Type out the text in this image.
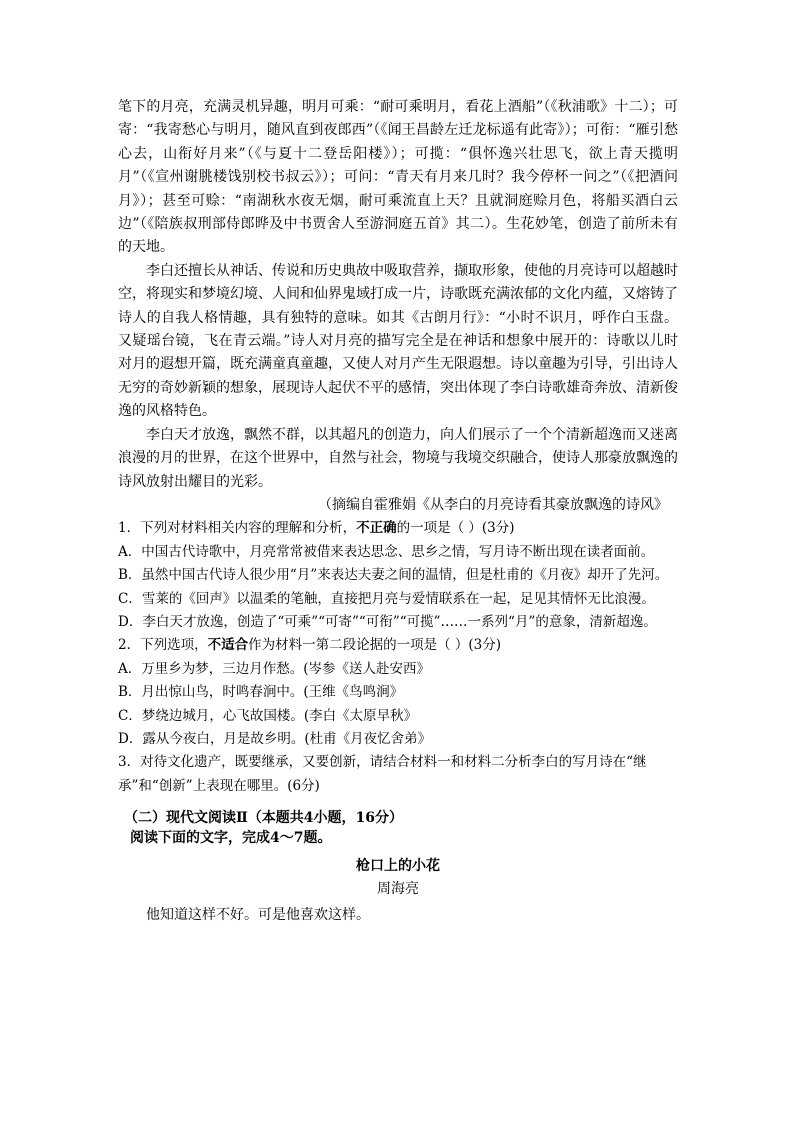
笔下的月亮，充满灵机异趣，明月可乘：“耐可乘明月，看花上酒船”（《秋浦歌》十二）；可寄：“我寄愁心与明月，随风直到夜郎西”（《闻王昌龄左迁龙标遥有此寄》）；可衔：“雁引愁心去，山衔好月来”（《与夏十二登岳阳楼》）；可揽：“俱怀逸兴壮思飞，欲上青天揽明月”（《宣州谢朓楼饯别校书叔云》）；可问：“青天有月来几时？我今停杯一问之”（《把酒问月》）；甚至可赊：“南湖秋水夜无烟，耐可乘流直上天？且就洞庭赊月色，将船买酒白云边”（《陪族叔刑部侍郎晔及中书贾舍人至游洞庭五首》其二）。生花妙笔，创造了前所未有的天地。

李白还擅长从神话、传说和历史典故中吸取营养，撷取形象，使他的月亮诗可以超越时空，将现实和梦境幻境、人间和仙界鬼域打成一片，诗歌既充满浓郁的文化内蕴，又熔铸了诗人的自我人格情趣，具有独特的意味。如其《古朗月行》：“小时不识月，呼作白玉盘。又疑瑶台镜，飞在青云端。”诗人对月亮的描写完全是在神话和想象中展开的：诗歌以儿时对月的遐想开篇，既充满童真童趣，又使人对月产生无限遐想。诗以童趣为引导，引出诗人无穷的奇妙新颖的想象，展现诗人起伏不平的感情，突出体现了李白诗歌雄奇奔放、清新俊逸的风格特色。

李白天才放逸，飘然不群，以其超凡的创造力，向人们展示了一个个清新超逸而又迷离浪漫的月的世界，在这个世界中，自然与社会，物境与我境交织融合，使诗人那豪放飘逸的诗风放射出耀目的光彩。

（摘编自霍雅娟《从李白的月亮诗看其豪放飘逸的诗风》

1．下列对材料相关内容的理解和分析，不正确的一项是（ ）(3分)

A．中国古代诗歌中，月亮常常被借来表达思念、思乡之情，写月诗不断出现在读者面前。

B．虽然中国古代诗人很少用“月”来表达夫妻之间的温情，但是杜甫的《月夜》却开了先河。

C．雪莱的《回声》以温柔的笔触，直接把月亮与爱情联系在一起，足见其情怀无比浪漫。

D．李白天才放逸，创造了“可乘”“可寄”“可衔”“可揽”……一系列“月”的意象，清新超逸。

2．下列选项，不适合作为材料一第二段论据的一项是（ ）(3分)

A．万里乡为梦，三边月作愁。(岑参《送人赴安西》

B．月出惊山鸟，时鸣春涧中。(王维《鸟鸣涧》

C．梦绕边城月，心飞故国楼。(李白《太原早秋》

D．露从今夜白，月是故乡明。(杜甫《月夜忆舍弟》

3．对待文化遗产，既要继承，又要创新，请结合材料一和材料二分析李白的写月诗在“继承”和“创新”上表现在哪里。(6分)

（二）现代文阅读Ⅱ（本题共4小题，16分）

阅读下面的文字，完成4～7题。

枪口上的小花

周海亮

他知道这样不好。可是他喜欢这样。
